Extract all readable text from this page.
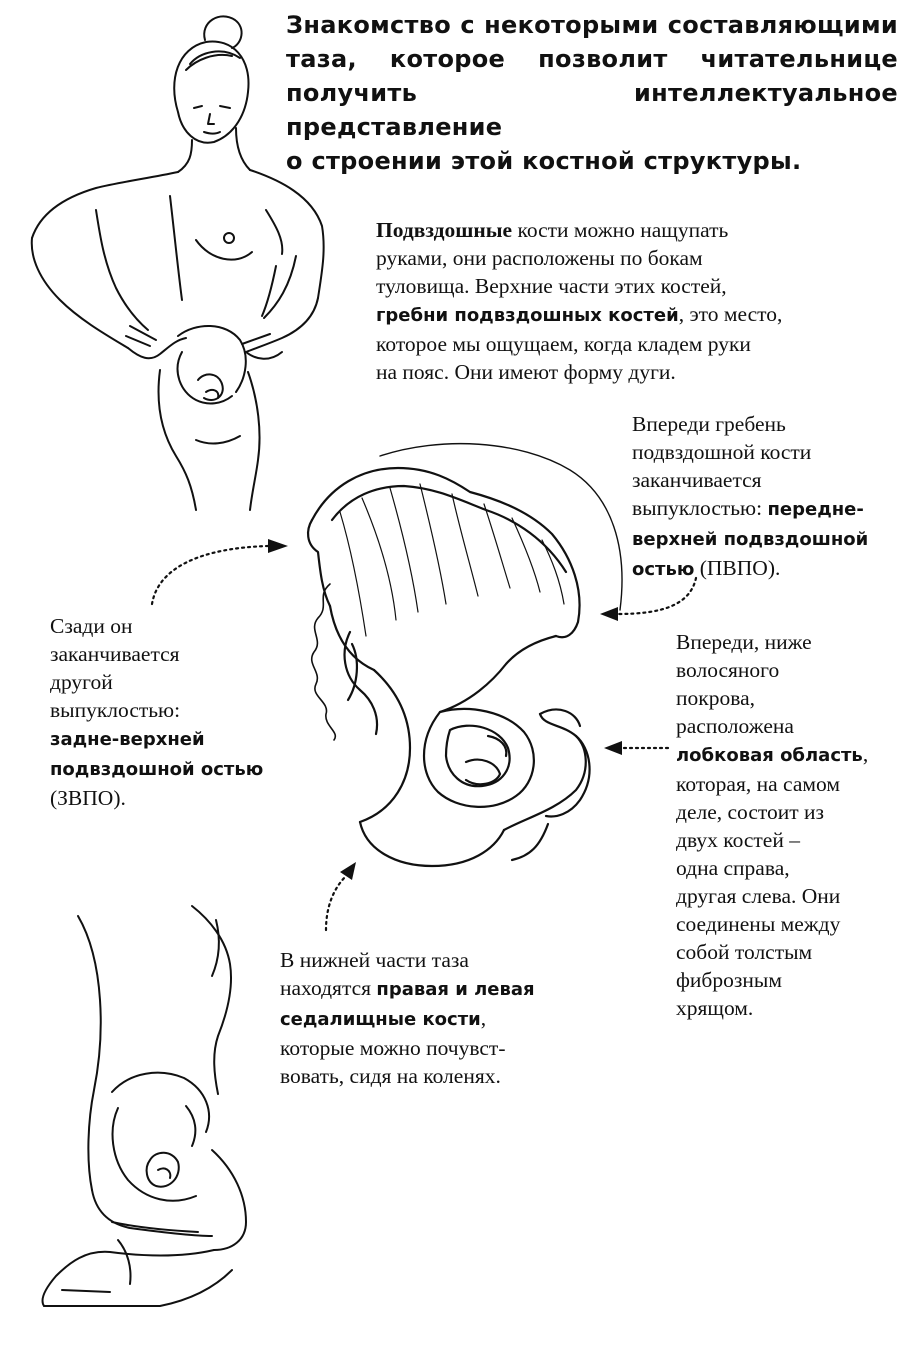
Знакомство с некоторыми составляющими
таза, которое позволит читательнице
получить интеллектуальное представление
о строении этой костной структуры.
Подвздошные кости можно нащупать
руками, они расположены по бокам
туловища. Верхние части этих костей,
гребни подвздошных костей, это место,
которое мы ощущаем, когда кладем руки
на пояс. Они имеют форму дуги.
Впереди гребень
подвздошной кости
заканчивается
выпуклостью: передне-
верхней подвздошной
остью (ПВПО).
Сзади он
заканчивается
другой
выпуклостью:
задне-верхней
подвздошной остью
(ЗВПО).
Впереди, ниже
волосяного
покрова,
расположена
лобковая область,
которая, на самом
деле, состоит из
двух костей –
одна справа,
другая слева. Они
соединены между
собой толстым
фиброзным
хрящом.
В нижней части таза
находятся правая и левая
седалищные кости,
которые можно почувст-
вовать, сидя на коленях.
